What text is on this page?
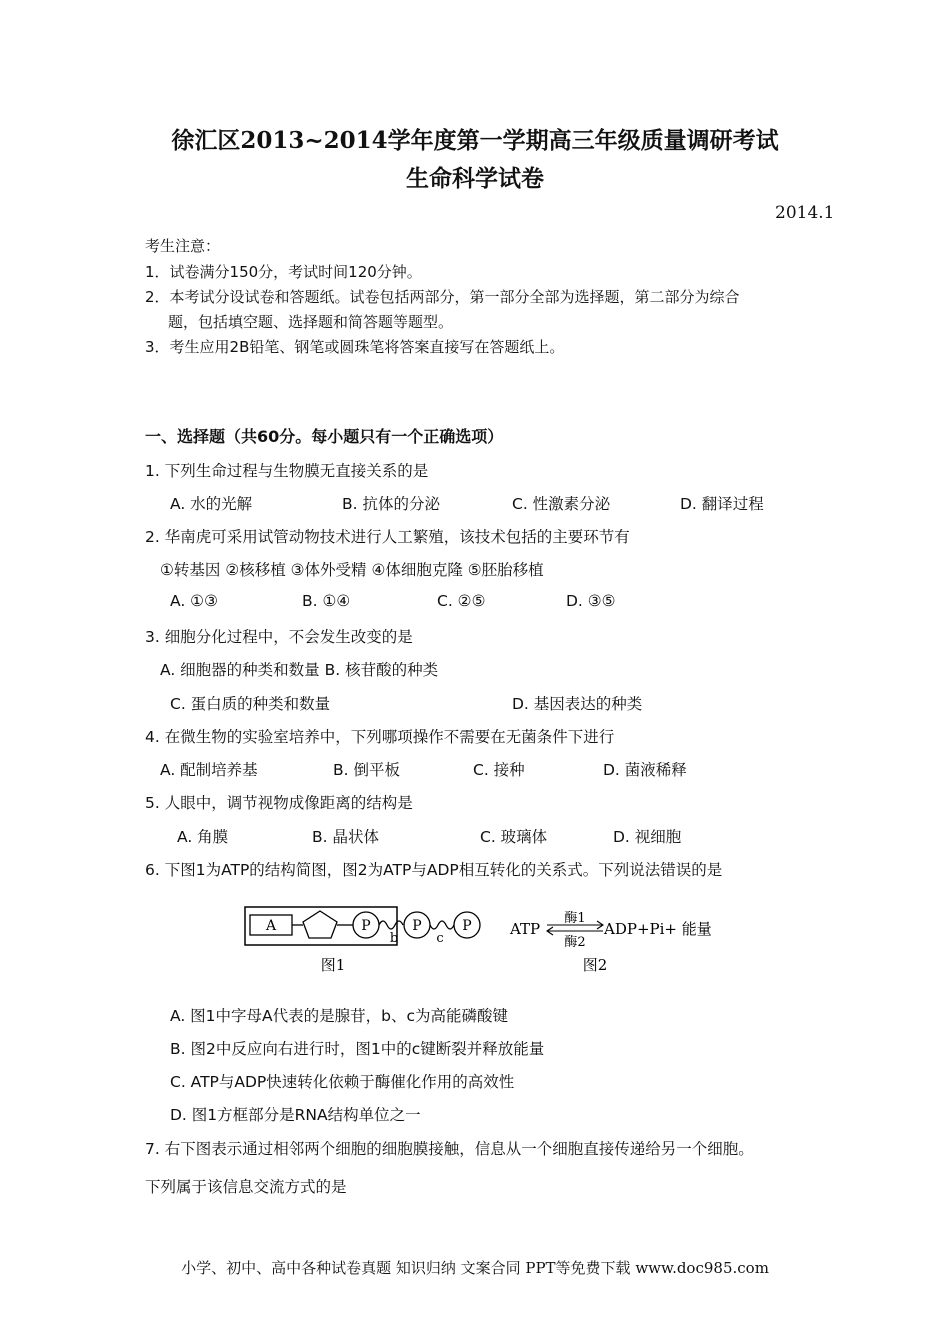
徐汇区2013~2014学年度第一学期高三年级质量调研考试
生命科学试卷
2014.1
考生注意：
1．试卷满分150分，考试时间120分钟。
2．本考试分设试卷和答题纸。试卷包括两部分，第一部分全部为选择题，第二部分为综合
题，包括填空题、选择题和简答题等题型。
3．考生应用2B铅笔、钢笔或圆珠笔将答案直接写在答题纸上。
一、选择题（共60分。每小题只有一个正确选项）
1. 下列生命过程与生物膜无直接关系的是
A. 水的光解	B. 抗体的分泌	C. 性激素分泌	D. 翻译过程
2. 华南虎可采用试管动物技术进行人工繁殖，该技术包括的主要环节有
①转基因 ②核移植 ③体外受精 ④体细胞克隆 ⑤胚胎移植
A. ①③	B. ①④	C. ②⑤	D. ③⑤
3. 细胞分化过程中，不会发生改变的是
A. 细胞器的种类和数量 B. 核苷酸的种类
C. 蛋白质的种类和数量	D. 基因表达的种类
4. 在微生物的实验室培养中，下列哪项操作不需要在无菌条件下进行
A. 配制培养基	B. 倒平板	C. 接种	D. 菌液稀释
5. 人眼中，调节视物成像距离的结构是
A. 角膜	B. 晶状体	C. 玻璃体	D. 视细胞
6. 下图1为ATP的结构简图，图2为ATP与ADP相互转化的关系式。下列说法错误的是
A	P
b
P
c
P
图1
ATP
酶1
酶2
ADP+Pi+ 能量
图2
A. 图1中字母A代表的是腺苷，b、c为高能磷酸键
B. 图2中反应向右进行时，图1中的c键断裂并释放能量
C. ATP与ADP快速转化依赖于酶催化作用的高效性
D. 图1方框部分是RNA结构单位之一
7. 右下图表示通过相邻两个细胞的细胞膜接触，信息从一个细胞直接传递给另一个细胞。
下列属于该信息交流方式的是
小学、初中、高中各种试卷真题 知识归纳 文案合同 PPT等免费下载 www.doc985.com
